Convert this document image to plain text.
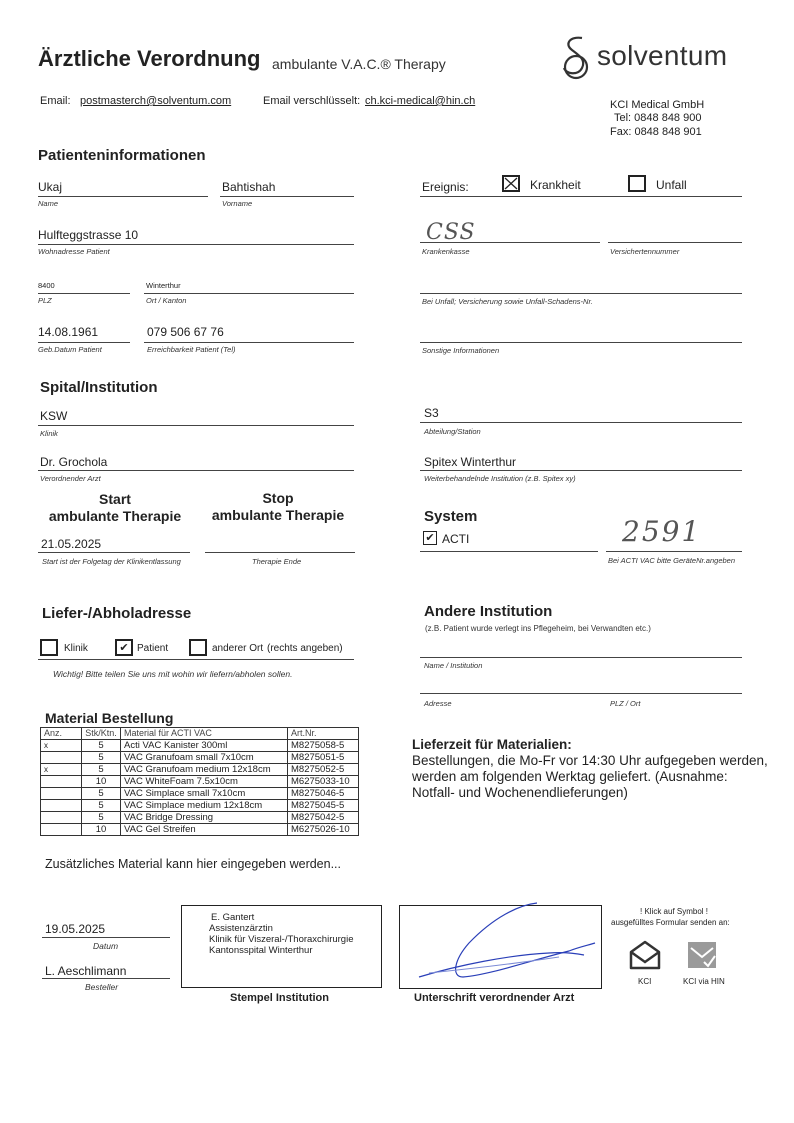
Ärztliche Verordnung ambulante V.A.C.® Therapy	solventum
Email: postmasterch@solventum.com	Email verschlüsselt: ch.kci-medical@hin.ch	KCI Medical GmbH
Tel: 0848 848 900
Fax: 0848 848 901
Patienteninformationen
Ukaj
Name
Bahtishah
Vorname
Hulfteggstrasse 10
Wohnadresse Patient
8400
PLZ
Winterthur
Ort / Kanton
14.08.1961
Geb.Datum Patient
079 506 67 76
Erreichbarkeit Patient (Tel)
Ereignis:	Krankheit	Unfall
CSS
Krankenkasse	Versichertennummer
Bei Unfall; Versicherung sowie Unfall-Schadens-Nr.
Sonstige Informationen
Spital/Institution
KSW
Klinik
S3
Abteilung/Station
Dr. Grochola
Verordnender Arzt
Spitex Winterthur
Weiterbehandelnde Institution (z.B. Spitex xy)
Start
ambulante Therapie
Stop
ambulante Therapie
21.05.2025
Start ist der Folgetag der Klinikentlassung	Therapie Ende
System
✔ ACTI	2591
Bei ACTI VAC bitte GeräteNr.angeben
Liefer-/Abholadresse
Klinik	✔ Patient	anderer Ort (rechts angeben)
Wichtig! Bitte teilen Sie uns mit wohin wir liefern/abholen sollen.
Andere Institution
(z.B. Patient wurde verlegt ins Pflegeheim, bei Verwandten etc.)
Name / Institution
Adresse	PLZ / Ort
Material Bestellung
Anz.	Stk/Ktn.	Material für ACTI VAC	Art.Nr.
x	5	Acti VAC Kanister 300ml	M8275058-5
	5	VAC Granufoam small 7x10cm	M8275051-5
x	5	VAC Granufoam medium 12x18cm	M8275052-5
	10	VAC WhiteFoam 7.5x10cm	M6275033-10
	5	VAC Simplace small 7x10cm	M8275046-5
	5	VAC Simplace medium 12x18cm	M8275045-5
	5	VAC Bridge Dressing	M8275042-5
	10	VAC Gel Streifen	M6275026-10
Zusätzliches Material kann hier eingegeben werden...
Lieferzeit für Materialien:
Bestellungen, die Mo-Fr vor 14:30 Uhr aufgegeben werden, werden am folgenden Werktag geliefert. (Ausnahme: Notfall- und Wochenendlieferungen)
19.05.2025
Datum
L. Aeschlimann
Besteller
E. Gantert
Assistenzärztin
Klinik für Viszeral-/Thoraxchirurgie
Kantonsspital Winterthur
Stempel Institution	Unterschrift verordnender Arzt
! Klick auf Symbol !
ausgefülltes Formular senden an:
KCI	KCI via HIN
